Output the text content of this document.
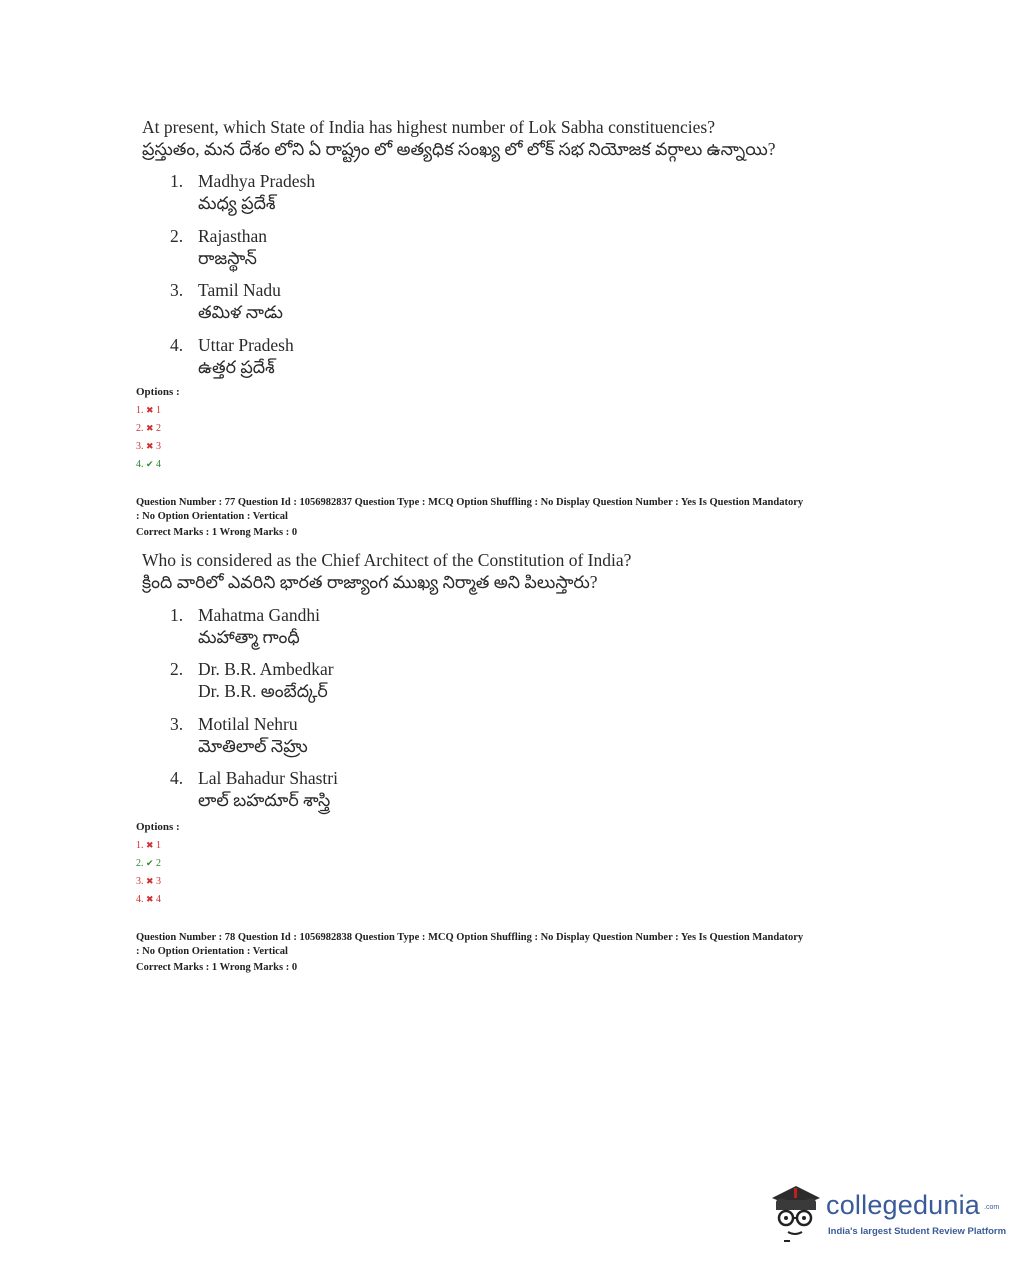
At present, which State of India has highest number of Lok Sabha constituencies?
ప్రస్తుతం, మన దేశం లోని ఏ రాష్ట్రం లో అత్యధిక సంఖ్య లో లోక్ సభ నియోజక వర్గాలు ఉన్నాయి?
1. Madhya Pradesh
మధ్య ప్రదేశ్
2. Rajasthan
రాజస్థాన్
3. Tamil Nadu
తమిళ నాడు
4. Uttar Pradesh
ఉత్తర ప్రదేశ్
Options :
1. ✖ 1
2. ✖ 2
3. ✖ 3
4. ✔ 4
Question Number : 77 Question Id : 1056982837 Question Type : MCQ Option Shuffling : No Display Question Number : Yes Is Question Mandatory
: No Option Orientation : Vertical
Correct Marks : 1 Wrong Marks : 0
Who is considered as the Chief Architect of the Constitution of India?
క్రింది వారిలో ఎవరిని భారత రాజ్యాంగ ముఖ్య నిర్మాత అని పిలుస్తారు?
1. Mahatma Gandhi
మహాత్మా గాంధీ
2. Dr. B.R. Ambedkar
Dr. B.R. అంబేద్కర్
3. Motilal Nehru
మోతిలాల్ నెహ్రు
4. Lal Bahadur Shastri
లాల్ బహదూర్ శాస్త్రి
Options :
1. ✖ 1
2. ✔ 2
3. ✖ 3
4. ✖ 4
Question Number : 78 Question Id : 1056982838 Question Type : MCQ Option Shuffling : No Display Question Number : Yes Is Question Mandatory
: No Option Orientation : Vertical
Correct Marks : 1 Wrong Marks : 0
collegedunia .com
India's largest Student Review Platform
